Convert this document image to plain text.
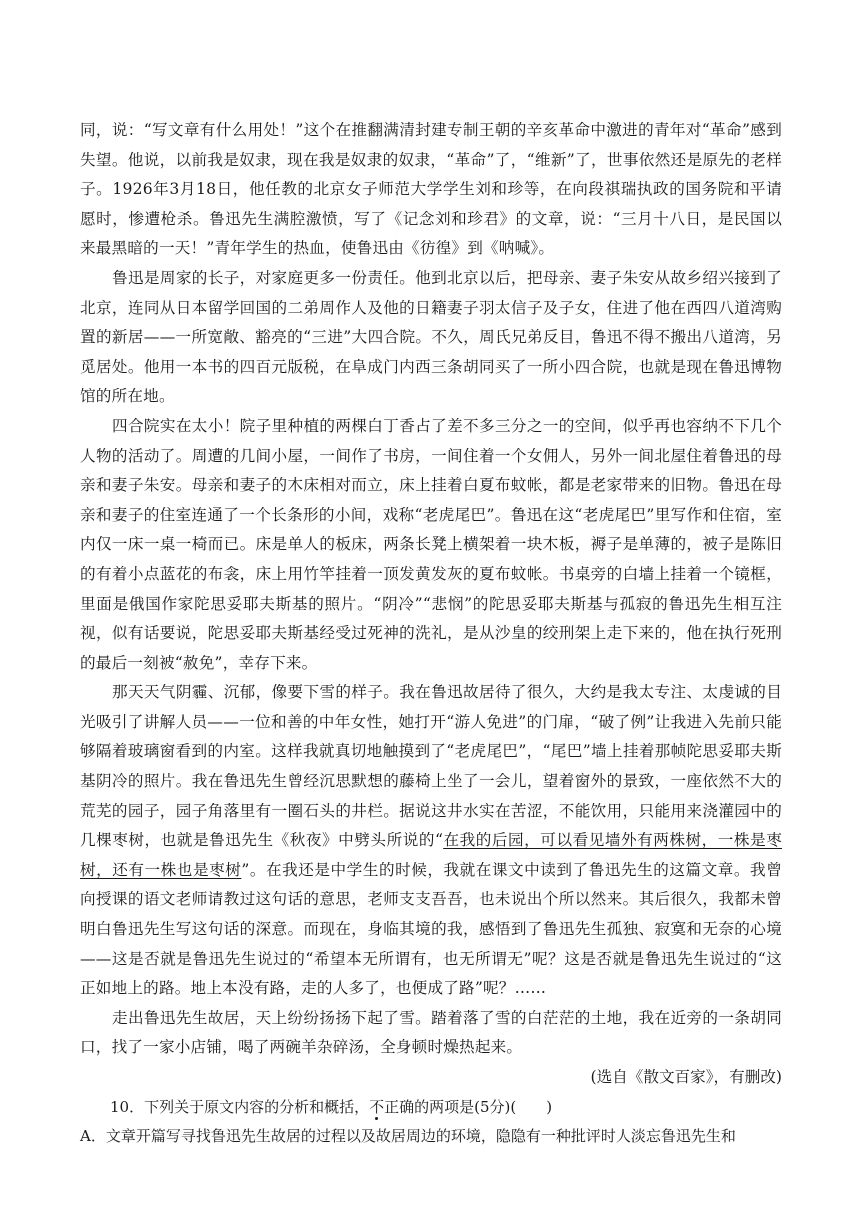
同，说：“写文章有什么用处！”这个在推翻满清封建专制王朝的辛亥革命中激进的青年对“革命”感到失望。他说，以前我是奴隶，现在我是奴隶的奴隶，“革命”了，“维新”了，世事依然还是原先的老样子。1926年3月18日，他任教的北京女子师范大学学生刘和珍等，在向段祺瑞执政的国务院和平请愿时，惨遭枪杀。鲁迅先生满腔激愤，写了《记念刘和珍君》的文章，说：“三月十八日，是民国以来最黑暗的一天！”青年学生的热血，使鲁迅由《彷徨》到《呐喊》。

鲁迅是周家的长子，对家庭更多一份责任。他到北京以后，把母亲、妻子朱安从故乡绍兴接到了北京，连同从日本留学回国的二弟周作人及他的日籍妻子羽太信子及子女，住进了他在西四八道湾购置的新居——一所宽敞、豁亮的“三进”大四合院。不久，周氏兄弟反目，鲁迅不得不搬出八道湾，另觅居处。他用一本书的四百元版税，在阜成门内西三条胡同买了一所小四合院，也就是现在鲁迅博物馆的所在地。

四合院实在太小！院子里种植的两棵白丁香占了差不多三分之一的空间，似乎再也容纳不下几个人物的活动了。周遭的几间小屋，一间作了书房，一间住着一个女佣人，另外一间北屋住着鲁迅的母亲和妻子朱安。母亲和妻子的木床相对而立，床上挂着白夏布蚊帐，都是老家带来的旧物。鲁迅在母亲和妻子的住室连通了一个长条形的小间，戏称“老虎尾巴”。鲁迅在这“老虎尾巴”里写作和住宿，室内仅一床一桌一椅而已。床是单人的板床，两条长凳上横架着一块木板，褥子是单薄的，被子是陈旧的有着小点蓝花的布衾，床上用竹竿挂着一顶发黄发灰的夏布蚊帐。书桌旁的白墙上挂着一个镜框，里面是俄国作家陀思妥耶夫斯基的照片。“阴冷”“悲悯”的陀思妥耶夫斯基与孤寂的鲁迅先生相互注视，似有话要说，陀思妥耶夫斯基经受过死神的洗礼，是从沙皇的绞刑架上走下来的，他在执行死刑的最后一刻被“赦免”，幸存下来。

那天天气阴霾、沉郁，像要下雪的样子。我在鲁迅故居待了很久，大约是我太专注、太虔诚的目光吸引了讲解人员——一位和善的中年女性，她打开“游人免进”的门扉，“破了例”让我进入先前只能够隔着玻璃窗看到的内室。这样我就真切地触摸到了“老虎尾巴”，“尾巴”墙上挂着那帧陀思妥耶夫斯基阴冷的照片。我在鲁迅先生曾经沉思默想的藤椅上坐了一会儿，望着窗外的景致，一座依然不大的荒芜的园子，园子角落里有一圈石头的井栏。据说这井水实在苦涩，不能饮用，只能用来浇灌园中的几棵枣树，也就是鲁迅先生《秋夜》中劈头所说的“在我的后园，可以看见墙外有两株树，一株是枣树，还有一株也是枣树”。在我还是中学生的时候，我就在课文中读到了鲁迅先生的这篇文章。我曾向授课的语文老师请教过这句话的意思，老师支支吾吾，也未说出个所以然来。其后很久，我都未曾明白鲁迅先生写这句话的深意。而现在，身临其境的我，感悟到了鲁迅先生孤独、寂寞和无奈的心境——这是否就是鲁迅先生说过的“希望本无所谓有，也无所谓无”呢？这是否就是鲁迅先生说过的“这正如地上的路。地上本没有路，走的人多了，也便成了路”呢？……

走出鲁迅先生故居，天上纷纷扬扬下起了雪。踏着落了雪的白茫茫的土地，我在近旁的一条胡同口，找了一家小店铺，喝了两碗羊杂碎汤，全身顿时燥热起来。

(选自《散文百家》，有删改)

10．下列关于原文内容的分析和概括，不正确的两项是(5分)(　　)

A．文章开篇写寻找鲁迅先生故居的过程以及故居周边的环境，隐隐有一种批评时人淡忘鲁迅先生和
